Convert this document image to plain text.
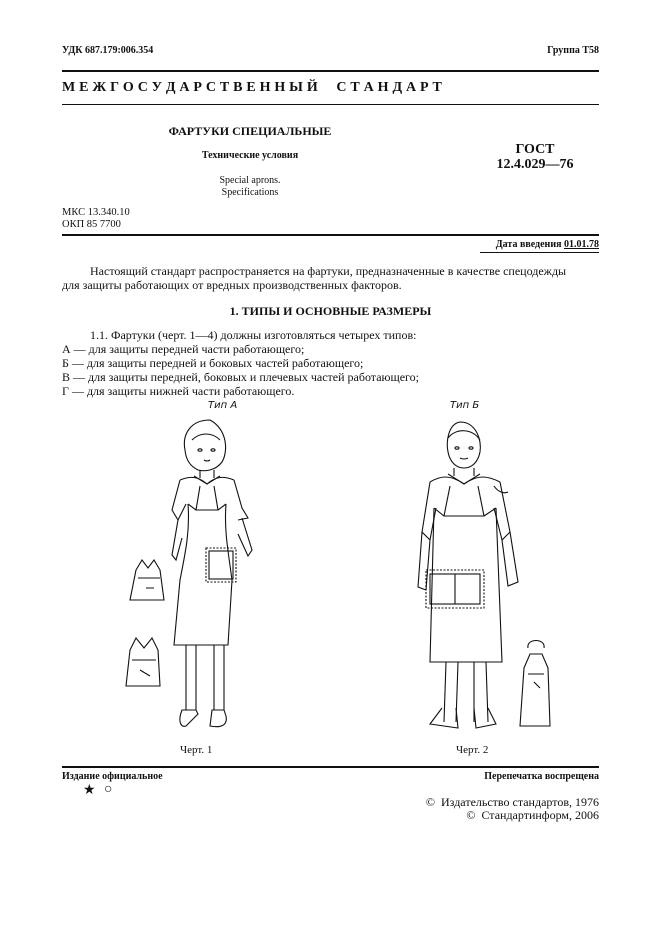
УДК 687.179:006.354	Группа Т58
М Е Ж Г О С У Д А Р С Т В Е Н Н Ы Й     С Т А Н Д А Р Т
ФАРТУКИ СПЕЦИАЛЬНЫЕ
Технические условия
Special aprons.
Specifications
ГОСТ
12.4.029—76
МКС 13.340.10
ОКП 85 7700
Дата введения 01.01.78
Настоящий стандарт распространяется на фартуки, предназначенные в качестве спецодежды
для защиты работающих от вредных производственных факторов.
1. ТИПЫ И ОСНОВНЫЕ РАЗМЕРЫ
1.1. Фартуки (черт. 1—4) должны изготовляться четырех типов:
А — для защиты передней части работающего;
Б — для защиты передней и боковых частей работающего;
В — для защиты передней, боковых и плечевых частей работающего;
Г — для защиты нижней части работающего.
Тип А
Черт. 1
Тип Б
Черт. 2
Издание официальное	Перепечатка воспрещена
★ ○
©  Издательство стандартов, 1976
©  Стандартинформ, 2006
